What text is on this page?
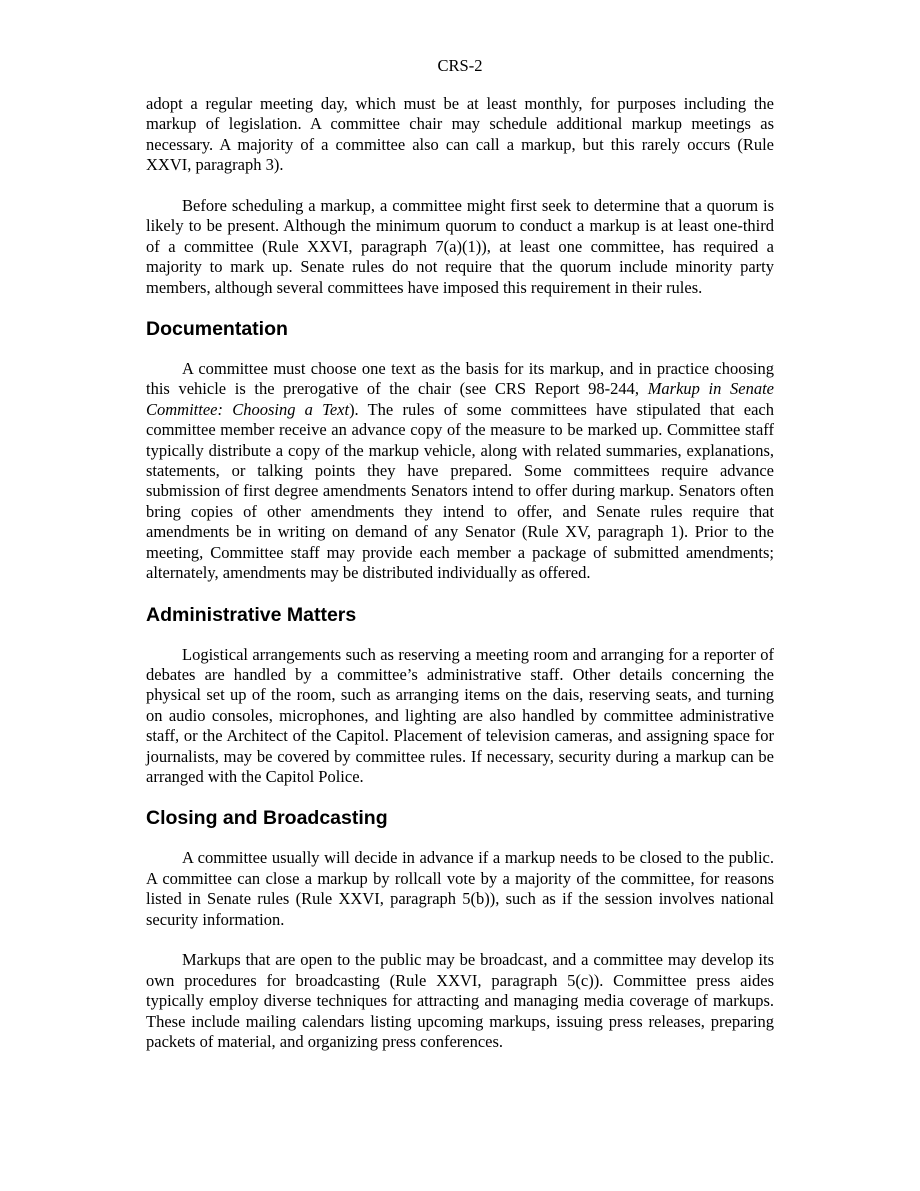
CRS-2

adopt a regular meeting day, which must be at least monthly, for purposes including the markup of legislation. A committee chair may schedule additional markup meetings as necessary. A majority of a committee also can call a markup, but this rarely occurs (Rule XXVI, paragraph 3).

Before scheduling a markup, a committee might first seek to determine that a quorum is likely to be present. Although the minimum quorum to conduct a markup is at least one-third of a committee (Rule XXVI, paragraph 7(a)(1)), at least one committee, has required a majority to mark up. Senate rules do not require that the quorum include minority party members, although several committees have imposed this requirement in their rules.

Documentation

A committee must choose one text as the basis for its markup, and in practice choosing this vehicle is the prerogative of the chair (see CRS Report 98-244, Markup in Senate Committee: Choosing a Text). The rules of some committees have stipulated that each committee member receive an advance copy of the measure to be marked up. Committee staff typically distribute a copy of the markup vehicle, along with related summaries, explanations, statements, or talking points they have prepared. Some committees require advance submission of first degree amendments Senators intend to offer during markup. Senators often bring copies of other amendments they intend to offer, and Senate rules require that amendments be in writing on demand of any Senator (Rule XV, paragraph 1). Prior to the meeting, Committee staff may provide each member a package of submitted amendments; alternately, amendments may be distributed individually as offered.

Administrative Matters

Logistical arrangements such as reserving a meeting room and arranging for a reporter of debates are handled by a committee’s administrative staff. Other details concerning the physical set up of the room, such as arranging items on the dais, reserving seats, and turning on audio consoles, microphones, and lighting are also handled by committee administrative staff, or the Architect of the Capitol. Placement of television cameras, and assigning space for journalists, may be covered by committee rules. If necessary, security during a markup can be arranged with the Capitol Police.

Closing and Broadcasting

A committee usually will decide in advance if a markup needs to be closed to the public. A committee can close a markup by rollcall vote by a majority of the committee, for reasons listed in Senate rules (Rule XXVI, paragraph 5(b)), such as if the session involves national security information.

Markups that are open to the public may be broadcast, and a committee may develop its own procedures for broadcasting (Rule XXVI, paragraph 5(c)). Committee press aides typically employ diverse techniques for attracting and managing media coverage of markups. These include mailing calendars listing upcoming markups, issuing press releases, preparing packets of material, and organizing press conferences.
